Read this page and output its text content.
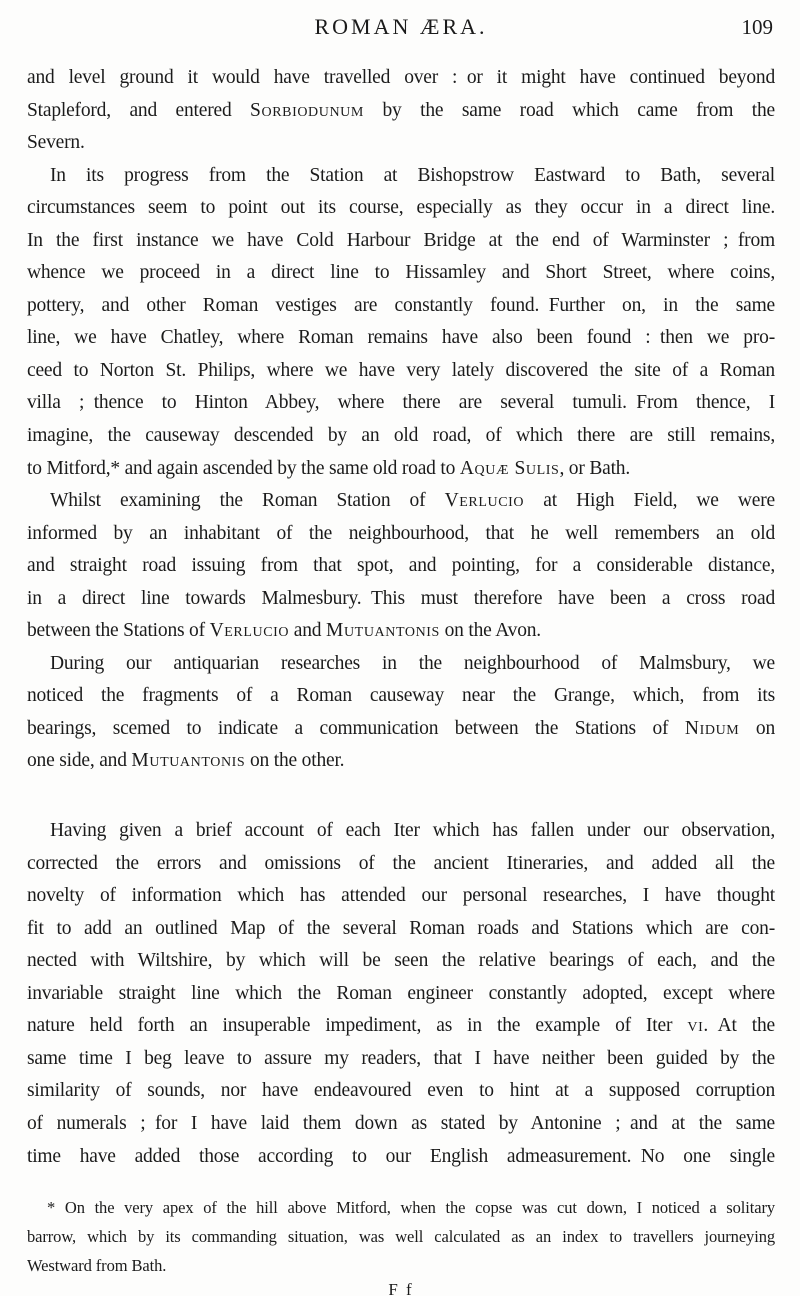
ROMAN ÆRA.	109
and level ground it would have travelled over : or it might have continued beyond
Stapleford, and entered Sorbiodunum by the same road which came from the
Severn.
In its progress from the Station at Bishopstrow Eastward to Bath, several
circumstances seem to point out its course, especially as they occur in a direct line.
In the first instance we have Cold Harbour Bridge at the end of Warminster ; from
whence we proceed in a direct line to Hissamley and Short Street, where coins,
pottery, and other Roman vestiges are constantly found. Further on, in the same
line, we have Chatley, where Roman remains have also been found : then we pro-
ceed to Norton St. Philips, where we have very lately discovered the site of a Roman
villa ; thence to Hinton Abbey, where there are several tumuli. From thence, I
imagine, the causeway descended by an old road, of which there are still remains,
to Mitford,* and again ascended by the same old road to Aquæ Sulis, or Bath.
Whilst examining the Roman Station of Verlucio at High Field, we were
informed by an inhabitant of the neighbourhood, that he well remembers an old
and straight road issuing from that spot, and pointing, for a considerable distance,
in a direct line towards Malmesbury. This must therefore have been a cross road
between the Stations of Verlucio and Mutuantonis on the Avon.
During our antiquarian researches in the neighbourhood of Malmsbury, we
noticed the fragments of a Roman causeway near the Grange, which, from its
bearings, scemed to indicate a communication between the Stations of Nidum on
one side, and Mutuantonis on the other.
Having given a brief account of each Iter which has fallen under our observation,
corrected the errors and omissions of the ancient Itineraries, and added all the
novelty of information which has attended our personal researches, I have thought
fit to add an outlined Map of the several Roman roads and Stations which are con-
nected with Wiltshire, by which will be seen the relative bearings of each, and the
invariable straight line which the Roman engineer constantly adopted, except where
nature held forth an insuperable impediment, as in the example of Iter vi. At the
same time I beg leave to assure my readers, that I have neither been guided by the
similarity of sounds, nor have endeavoured even to hint at a supposed corruption
of numerals ; for I have laid them down as stated by Antonine ; and at the same
time have added those according to our English admeasurement. No one single
* On the very apex of the hill above Mitford, when the copse was cut down, I noticed a solitary
barrow, which by its commanding situation, was well calculated as an index to travellers journeying
Westward from Bath.
F f
